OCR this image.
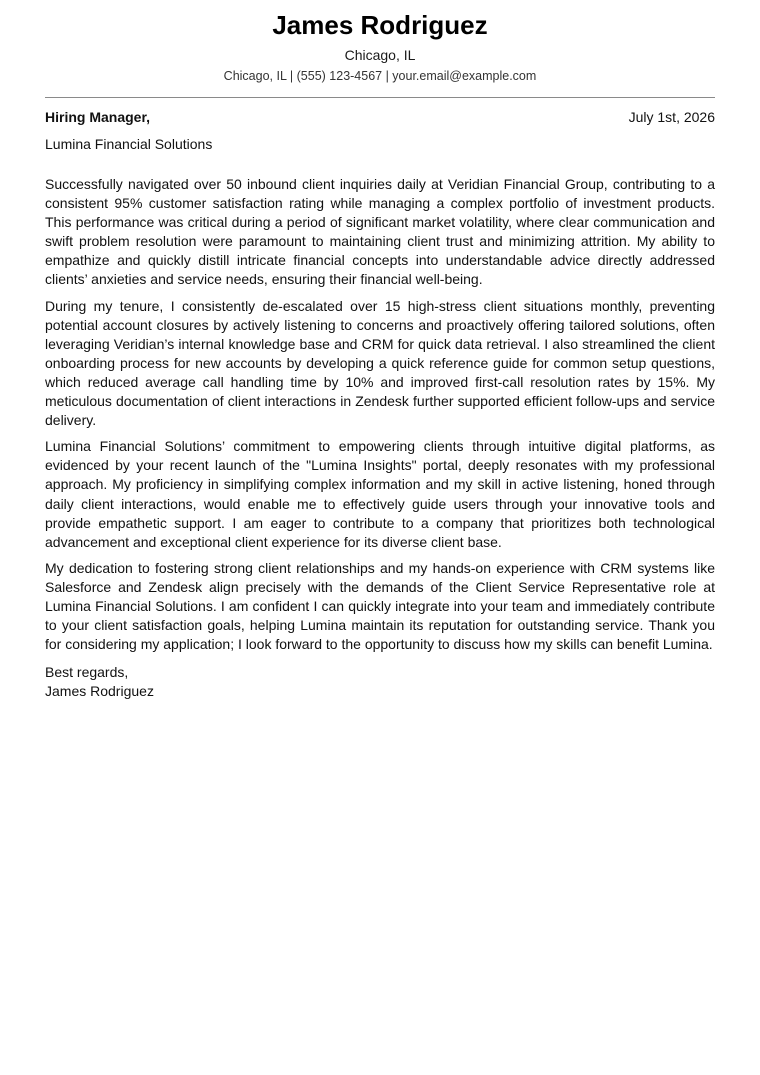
James Rodriguez
Chicago, IL
Chicago, IL | (555) 123-4567 | your.email@example.com
Hiring Manager,	July 1st, 2026
Lumina Financial Solutions

Successfully navigated over 50 inbound client inquiries daily at Veridian Financial Group, contributing to a consistent 95% customer satisfaction rating while managing a complex portfolio of investment products. This performance was critical during a period of significant market volatility, where clear communication and swift problem resolution were paramount to maintaining client trust and minimizing attrition. My ability to empathize and quickly distill intricate financial concepts into understandable advice directly addressed clients’ anxieties and service needs, ensuring their financial well-being.

During my tenure, I consistently de-escalated over 15 high-stress client situations monthly, preventing potential account closures by actively listening to concerns and proactively offering tailored solutions, often leveraging Veridian’s internal knowledge base and CRM for quick data retrieval. I also streamlined the client onboarding process for new accounts by developing a quick reference guide for common setup questions, which reduced average call handling time by 10% and improved first-call resolution rates by 15%. My meticulous documentation of client interactions in Zendesk further supported efficient follow-ups and service delivery.

Lumina Financial Solutions’ commitment to empowering clients through intuitive digital platforms, as evidenced by your recent launch of the "Lumina Insights" portal, deeply resonates with my professional approach. My proficiency in simplifying complex information and my skill in active listening, honed through daily client interactions, would enable me to effectively guide users through your innovative tools and provide empathetic support. I am eager to contribute to a company that prioritizes both technological advancement and exceptional client experience for its diverse client base.

My dedication to fostering strong client relationships and my hands-on experience with CRM systems like Salesforce and Zendesk align precisely with the demands of the Client Service Representative role at Lumina Financial Solutions. I am confident I can quickly integrate into your team and immediately contribute to your client satisfaction goals, helping Lumina maintain its reputation for outstanding service. Thank you for considering my application; I look forward to the opportunity to discuss how my skills can benefit Lumina.

Best regards,
James Rodriguez
